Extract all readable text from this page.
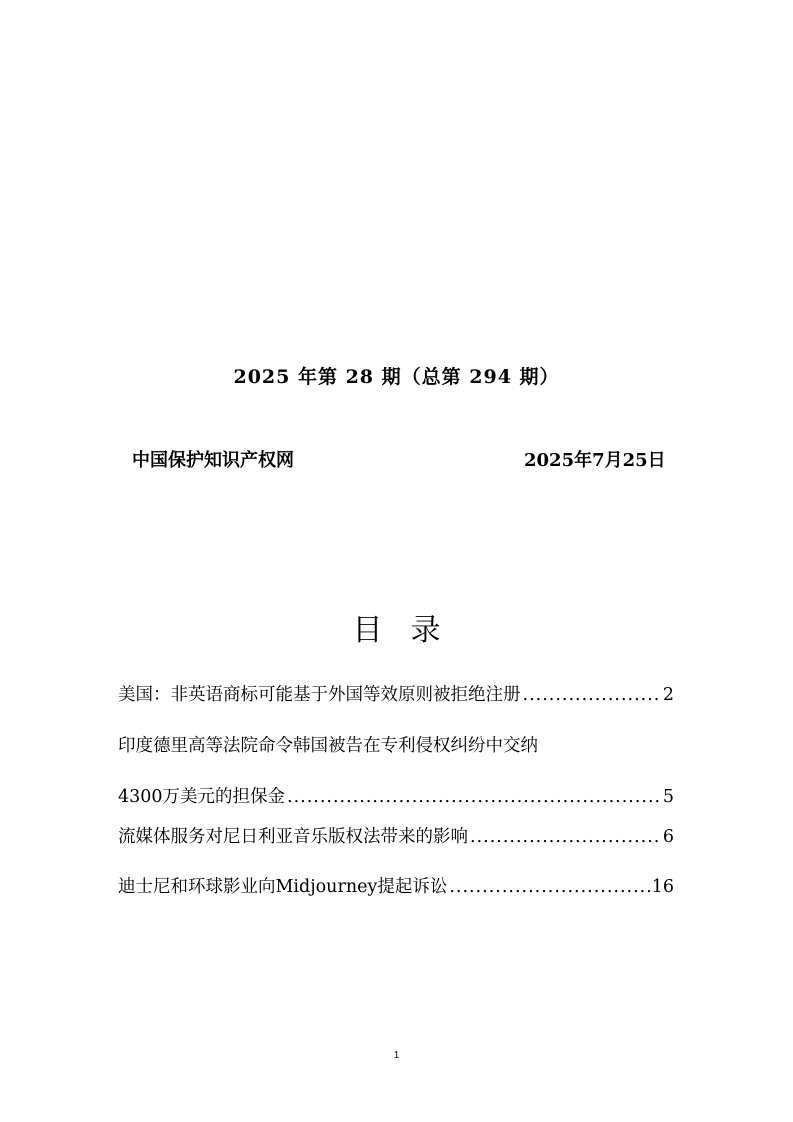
2025 年第 28 期（总第 294 期）
中国保护知识产权网	2025年7月25日
目录
美国：非英语商标可能基于外国等效原则被拒绝注册 .....	2
印度德里高等法院命令韩国被告在专利侵权纠纷中交纳
4300万美元的担保金 .....	5
流媒体服务对尼日利亚音乐版权法带来的影响 .....	6
迪士尼和环球影业向Midjourney提起诉讼 .....	16
1
